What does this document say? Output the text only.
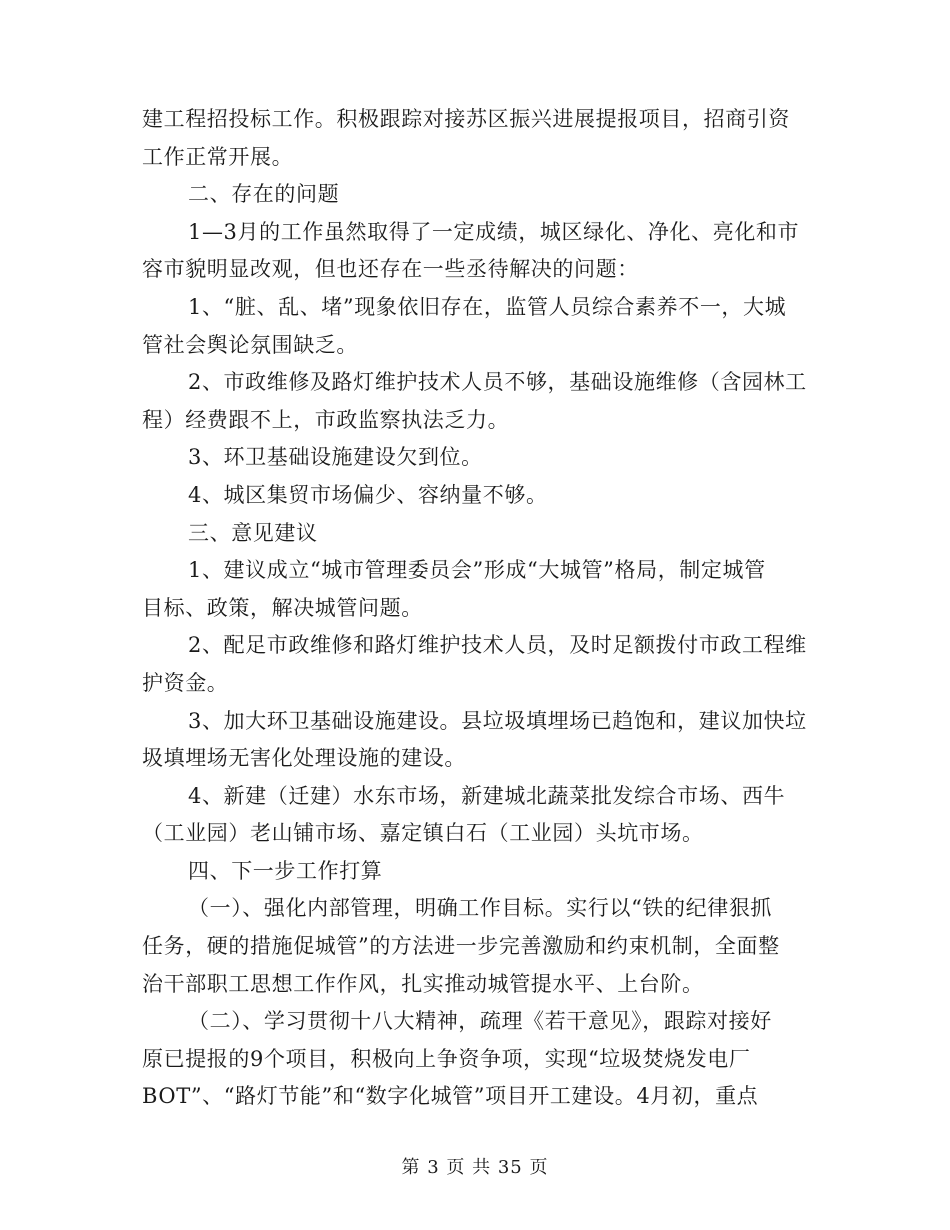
建工程招投标工作。积极跟踪对接苏区振兴进展提报项目，招商引资
工作正常开展。
二、存在的问题
1—3月的工作虽然取得了一定成绩，城区绿化、净化、亮化和市
容市貌明显改观，但也还存在一些丞待解决的问题：
1、“脏、乱、堵”现象依旧存在，监管人员综合素养不一，大城
管社会舆论氛围缺乏。
2、市政维修及路灯维护技术人员不够，基础设施维修（含园林工
程）经费跟不上，市政监察执法乏力。
3、环卫基础设施建设欠到位。
4、城区集贸市场偏少、容纳量不够。
三、意见建议
1、建议成立“城市管理委员会”形成“大城管”格局，制定城管
目标、政策，解决城管问题。
2、配足市政维修和路灯维护技术人员，及时足额拨付市政工程维
护资金。
3、加大环卫基础设施建设。县垃圾填埋场已趋饱和，建议加快垃
圾填埋场无害化处理设施的建设。
4、新建（迁建）水东市场，新建城北蔬菜批发综合市场、西牛
（工业园）老山铺市场、嘉定镇白石（工业园）头坑市场。
四、下一步工作打算
（一）、强化内部管理，明确工作目标。实行以“铁的纪律狠抓
任务，硬的措施促城管”的方法进一步完善激励和约束机制，全面整
治干部职工思想工作作风，扎实推动城管提水平、上台阶。
（二）、学习贯彻十八大精神，疏理《若干意见》，跟踪对接好
原已提报的9个项目，积极向上争资争项，实现“垃圾焚烧发电厂
BOT”、“路灯节能”和“数字化城管”项目开工建设。4月初，重点
第 3 页 共 35 页
